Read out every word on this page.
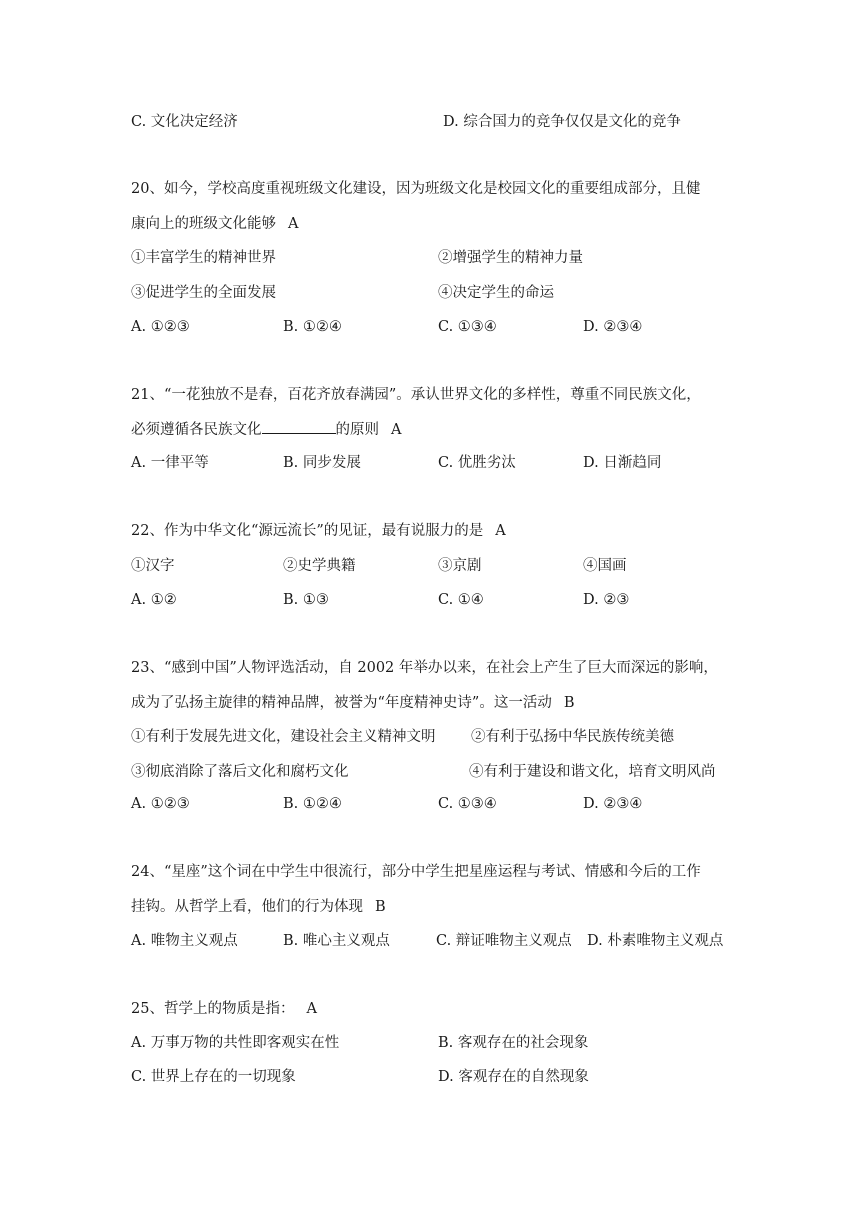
C. 文化决定经济	D. 综合国力的竞争仅仅是文化的竞争
20、如今，学校高度重视班级文化建设，因为班级文化是校园文化的重要组成部分，且健
康向上的班级文化能够 A
①丰富学生的精神世界	②增强学生的精神力量
③促进学生的全面发展	④决定学生的命运
A. ①②③	B. ①②④	C. ①③④	D. ②③④
21、“一花独放不是春，百花齐放春满园”。承认世界文化的多样性，尊重不同民族文化，
必须遵循各民族文化	的原则 A
A. 一律平等	B. 同步发展	C. 优胜劣汰	D. 日渐趋同
22、作为中华文化“源远流长”的见证，最有说服力的是 A
①汉字	②史学典籍	③京剧	④国画
A. ①②	B. ①③	C. ①④	D. ②③
23、“感到中国”人物评选活动，自 2002 年举办以来，在社会上产生了巨大而深远的影响，
成为了弘扬主旋律的精神品牌，被誉为“年度精神史诗”。这一活动 B
①有利于发展先进文化，建设社会主义精神文明 ②有利于弘扬中华民族传统美德
③彻底消除了落后文化和腐朽文化	④有利于建设和谐文化，培育文明风尚
A. ①②③	B. ①②④	C. ①③④	D. ②③④
24、“星座”这个词在中学生中很流行，部分中学生把星座运程与考试、情感和今后的工作
挂钩。从哲学上看，他们的行为体现 B
A. 唯物主义观点	B. 唯心主义观点	C. 辩证唯物主义观点 D. 朴素唯物主义观点
25、哲学上的物质是指： A
A. 万事万物的共性即客观实在性	B. 客观存在的社会现象
C. 世界上存在的一切现象	D. 客观存在的自然现象
